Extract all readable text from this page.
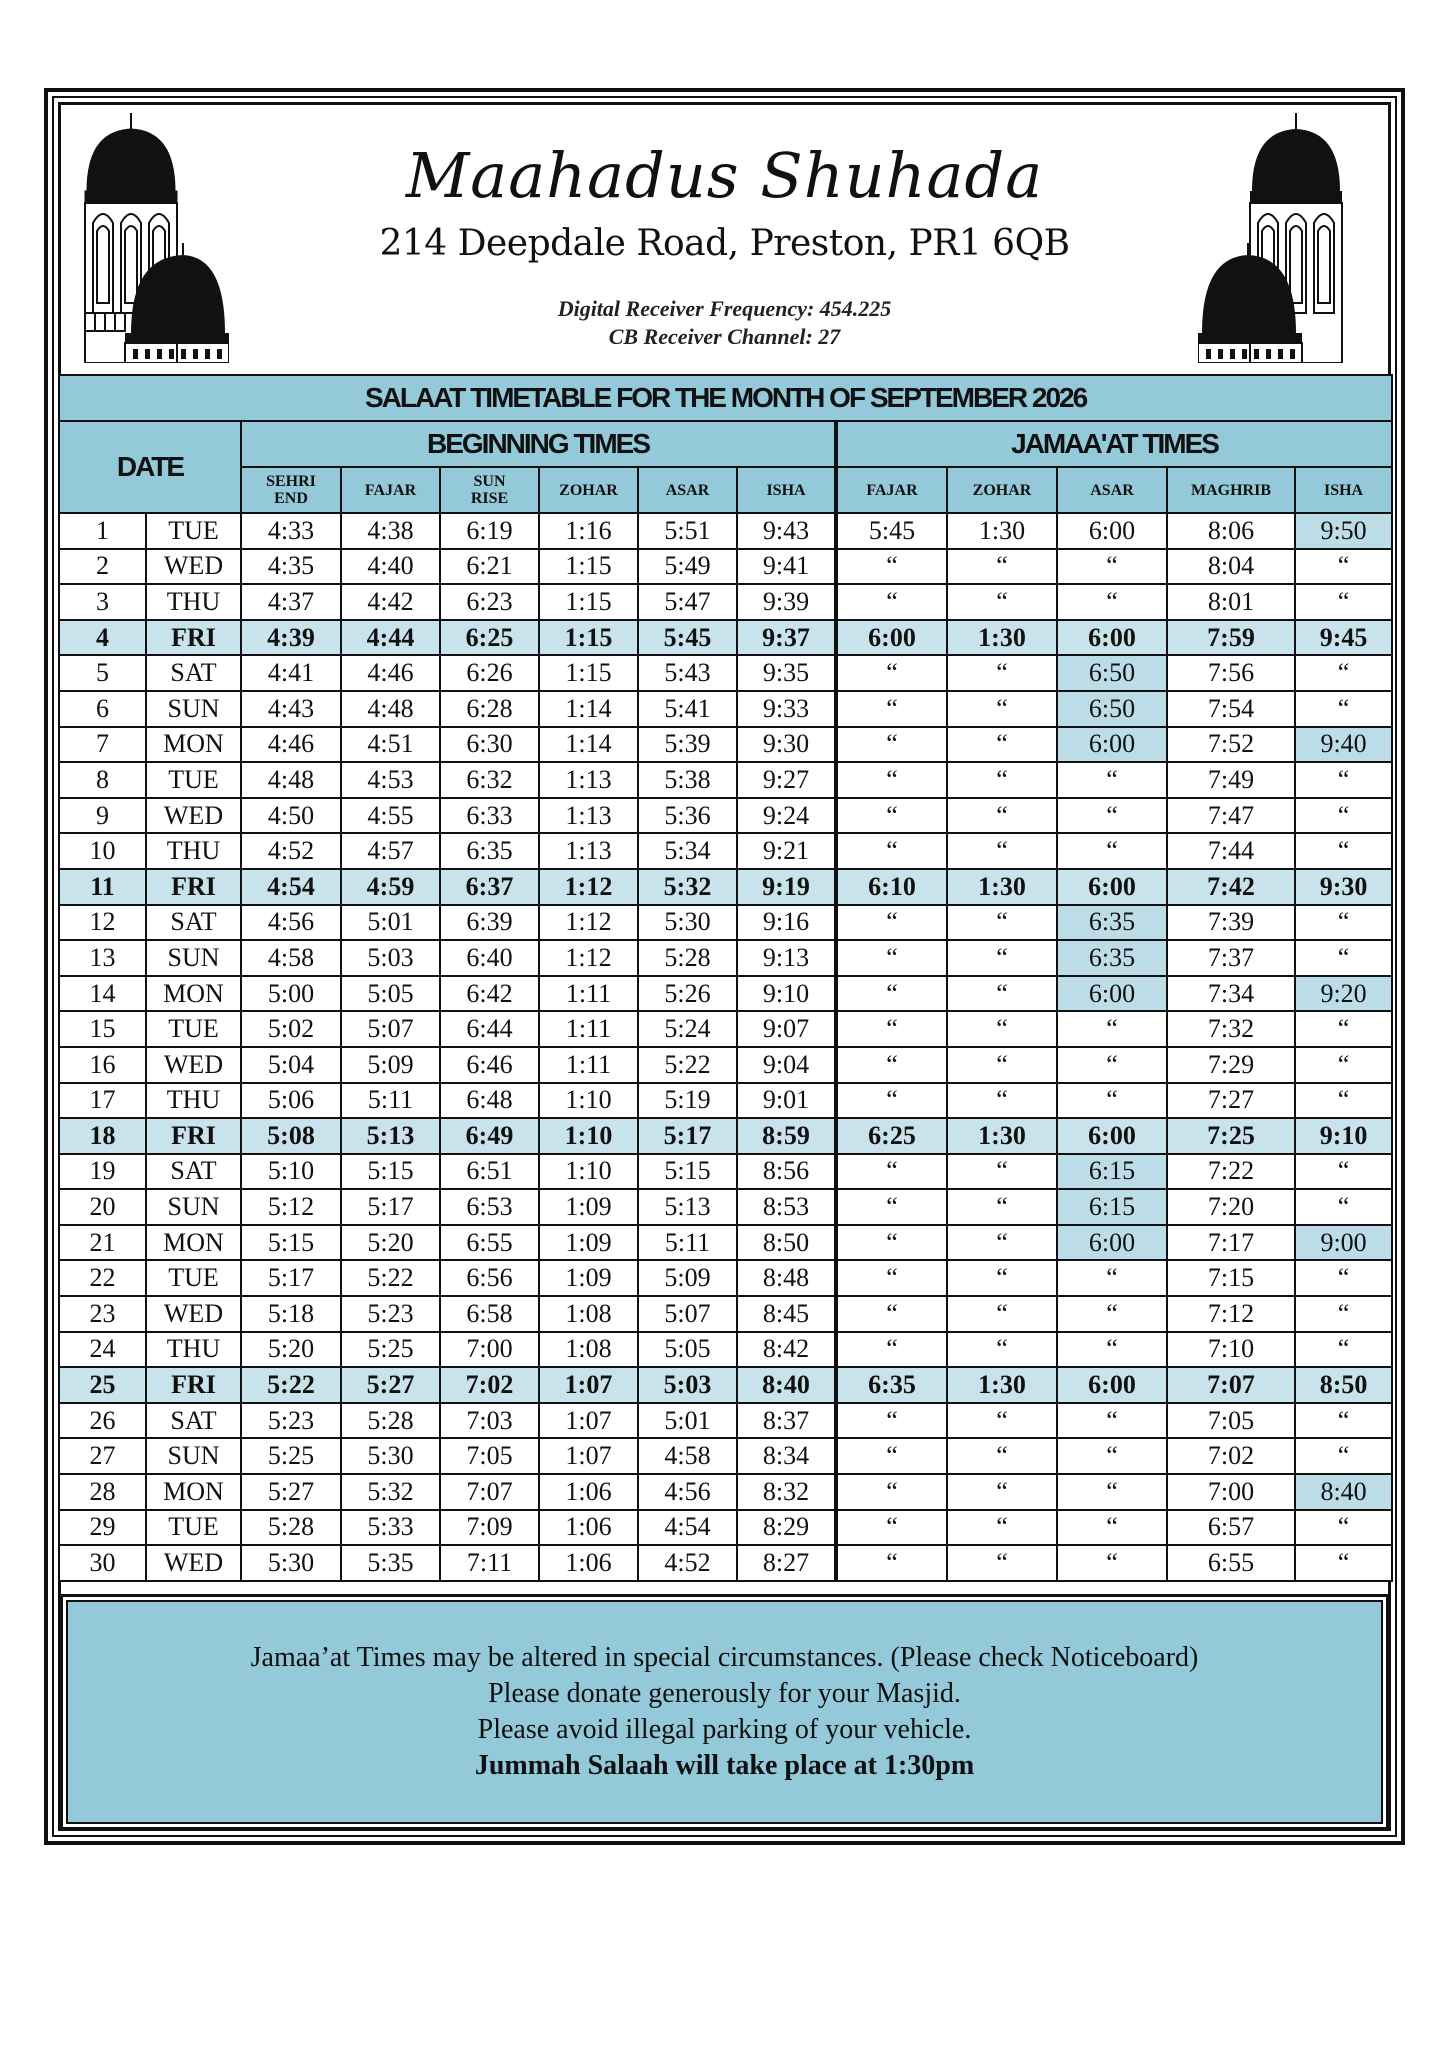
Maahadus Shuhada
214 Deepdale Road, Preston, PR1 6QB
Digital Receiver Frequency: 454.225
CB Receiver Channel: 27
SALAAT TIMETABLE FOR THE MONTH OF SEPTEMBER 2026												
DATE		BEGINNING TIMES						JAMAA'AT TIMES				
		SEHRI END	FAJAR	SUN RISE	ZOHAR	ASAR	ISHA	FAJAR	ZOHAR	ASAR	MAGHRIB	ISHA
1	TUE	4:33	4:38	6:19	1:16	5:51	9:43	5:45	1:30	6:00	8:06	9:50
2	WED	4:35	4:40	6:21	1:15	5:49	9:41	“	“	“	8:04	“
3	THU	4:37	4:42	6:23	1:15	5:47	9:39	“	“	“	8:01	“
4	FRI	4:39	4:44	6:25	1:15	5:45	9:37	6:00	1:30	6:00	7:59	9:45
5	SAT	4:41	4:46	6:26	1:15	5:43	9:35	“	“	6:50	7:56	“
6	SUN	4:43	4:48	6:28	1:14	5:41	9:33	“	“	6:50	7:54	“
7	MON	4:46	4:51	6:30	1:14	5:39	9:30	“	“	6:00	7:52	9:40
8	TUE	4:48	4:53	6:32	1:13	5:38	9:27	“	“	“	7:49	“
9	WED	4:50	4:55	6:33	1:13	5:36	9:24	“	“	“	7:47	“
10	THU	4:52	4:57	6:35	1:13	5:34	9:21	“	“	“	7:44	“
11	FRI	4:54	4:59	6:37	1:12	5:32	9:19	6:10	1:30	6:00	7:42	9:30
12	SAT	4:56	5:01	6:39	1:12	5:30	9:16	“	“	6:35	7:39	“
13	SUN	4:58	5:03	6:40	1:12	5:28	9:13	“	“	6:35	7:37	“
14	MON	5:00	5:05	6:42	1:11	5:26	9:10	“	“	6:00	7:34	9:20
15	TUE	5:02	5:07	6:44	1:11	5:24	9:07	“	“	“	7:32	“
16	WED	5:04	5:09	6:46	1:11	5:22	9:04	“	“	“	7:29	“
17	THU	5:06	5:11	6:48	1:10	5:19	9:01	“	“	“	7:27	“
18	FRI	5:08	5:13	6:49	1:10	5:17	8:59	6:25	1:30	6:00	7:25	9:10
19	SAT	5:10	5:15	6:51	1:10	5:15	8:56	“	“	6:15	7:22	“
20	SUN	5:12	5:17	6:53	1:09	5:13	8:53	“	“	6:15	7:20	“
21	MON	5:15	5:20	6:55	1:09	5:11	8:50	“	“	6:00	7:17	9:00
22	TUE	5:17	5:22	6:56	1:09	5:09	8:48	“	“	“	7:15	“
23	WED	5:18	5:23	6:58	1:08	5:07	8:45	“	“	“	7:12	“
24	THU	5:20	5:25	7:00	1:08	5:05	8:42	“	“	“	7:10	“
25	FRI	5:22	5:27	7:02	1:07	5:03	8:40	6:35	1:30	6:00	7:07	8:50
26	SAT	5:23	5:28	7:03	1:07	5:01	8:37	“	“	“	7:05	“
27	SUN	5:25	5:30	7:05	1:07	4:58	8:34	“	“	“	7:02	“
28	MON	5:27	5:32	7:07	1:06	4:56	8:32	“	“	“	7:00	8:40
29	TUE	5:28	5:33	7:09	1:06	4:54	8:29	“	“	“	6:57	“
30	WED	5:30	5:35	7:11	1:06	4:52	8:27	“	“	“	6:55	“
Jamaa’at Times may be altered in special circumstances. (Please check Noticeboard)
Please donate generously for your Masjid.
Please avoid illegal parking of your vehicle.
Jummah Salaah will take place at 1:30pm
